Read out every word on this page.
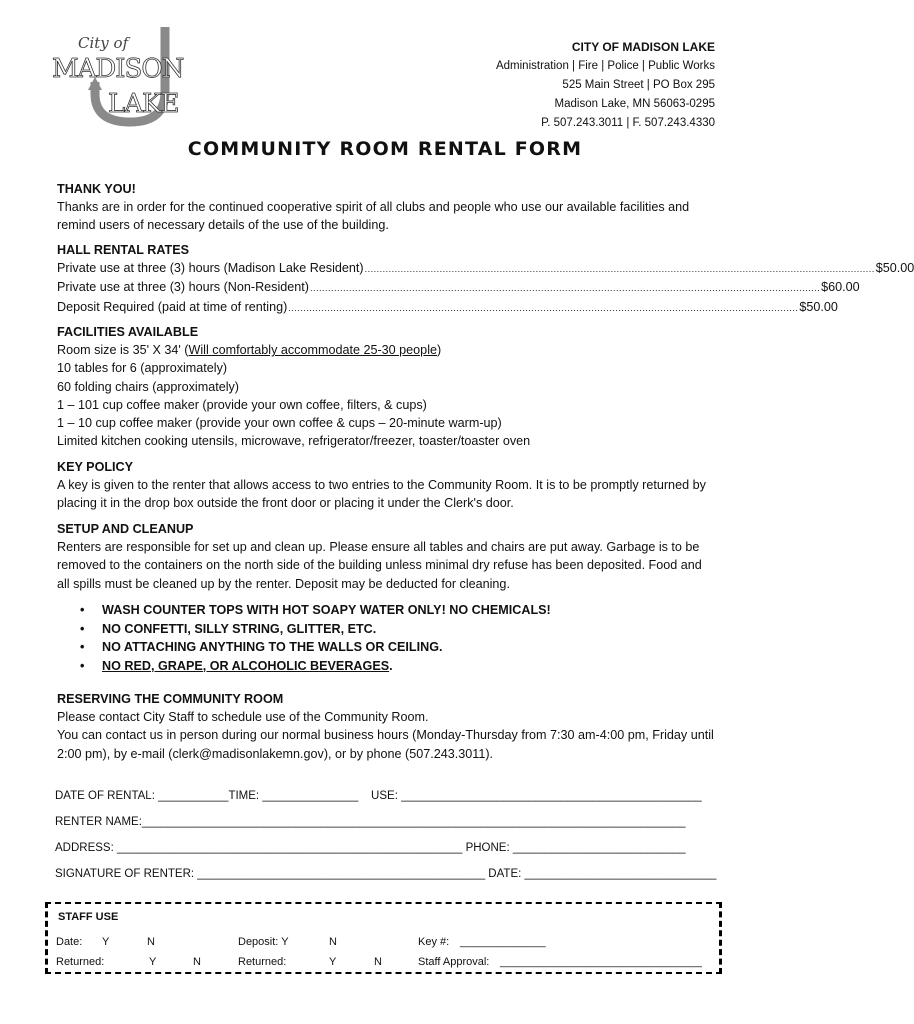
City of
MADISON
LAKE
CITY OF MADISON LAKE
Administration | Fire | Police | Public Works
525 Main Street | PO Box 295
Madison Lake, MN 56063-0295
P. 507.243.3011 | F. 507.243.4330
COMMUNITY ROOM RENTAL FORM
THANK YOU!

Thanks are in order for the continued cooperative spirit of all clubs and people who use our available facilities and remind users of necessary details of the use of the building.

HALL RENTAL RATES
Private use at three (3) hours (Madison Lake Resident) .......................................................................................................................................................................... $50.00
Private use at three (3) hours (Non-Resident) .......................................................................................................................................................................... $60.00
Deposit Required (paid at time of renting) .......................................................................................................................................................................... $50.00
FACILITIES AVAILABLE
Room size is 35' X 34' (Will comfortably accommodate 25-30 people)
10 tables for 6 (approximately)
60 folding chairs (approximately)
1 – 101 cup coffee maker (provide your own coffee, filters, & cups)
1 – 10 cup coffee maker (provide your own coffee & cups – 20-minute warm-up)
Limited kitchen cooking utensils, microwave, refrigerator/freezer, toaster/toaster oven
KEY POLICY

A key is given to the renter that allows access to two entries to the Community Room. It is to be promptly returned by placing it in the drop box outside the front door or placing it under the Clerk's door.

SETUP AND CLEANUP

Renters are responsible for set up and clean up. Please ensure all tables and chairs are put away. Garbage is to be removed to the containers on the north side of the building unless minimal dry refuse has been deposited. Food and all spills must be cleaned up by the renter. Deposit may be deducted for cleaning.

•	WASH COUNTER TOPS WITH HOT SOAPY WATER ONLY! NO CHEMICALS!
•	NO CONFETTI, SILLY STRING, GLITTER, ETC.
•	NO ATTACHING ANYTHING TO THE WALLS OR CEILING.
•	NO RED, GRAPE, OR ALCOHOLIC BEVERAGES.
RESERVING THE COMMUNITY ROOM

Please contact City Staff to schedule use of the Community Room.

You can contact us in person during our normal business hours (Monday-Thursday from 7:30 am-4:00 pm, Friday until 2:00 pm), by e-mail (clerk@madisonlakemn.gov), or by phone (507.243.3011).

DATE OF RENTAL: ___________TIME: _______________ USE: _______________________________________________
RENTER NAME:_____________________________________________________________________________________
ADDRESS: ______________________________________________________ PHONE: ___________________________
SIGNATURE OF RENTER: _____________________________________________ DATE: ______________________________
STAFF USE
Date: Y	N	Deposit: Y	N	Key #: ______________
Returned:	Y	N	Returned:	Y	N	Staff Approval: _________________________________
